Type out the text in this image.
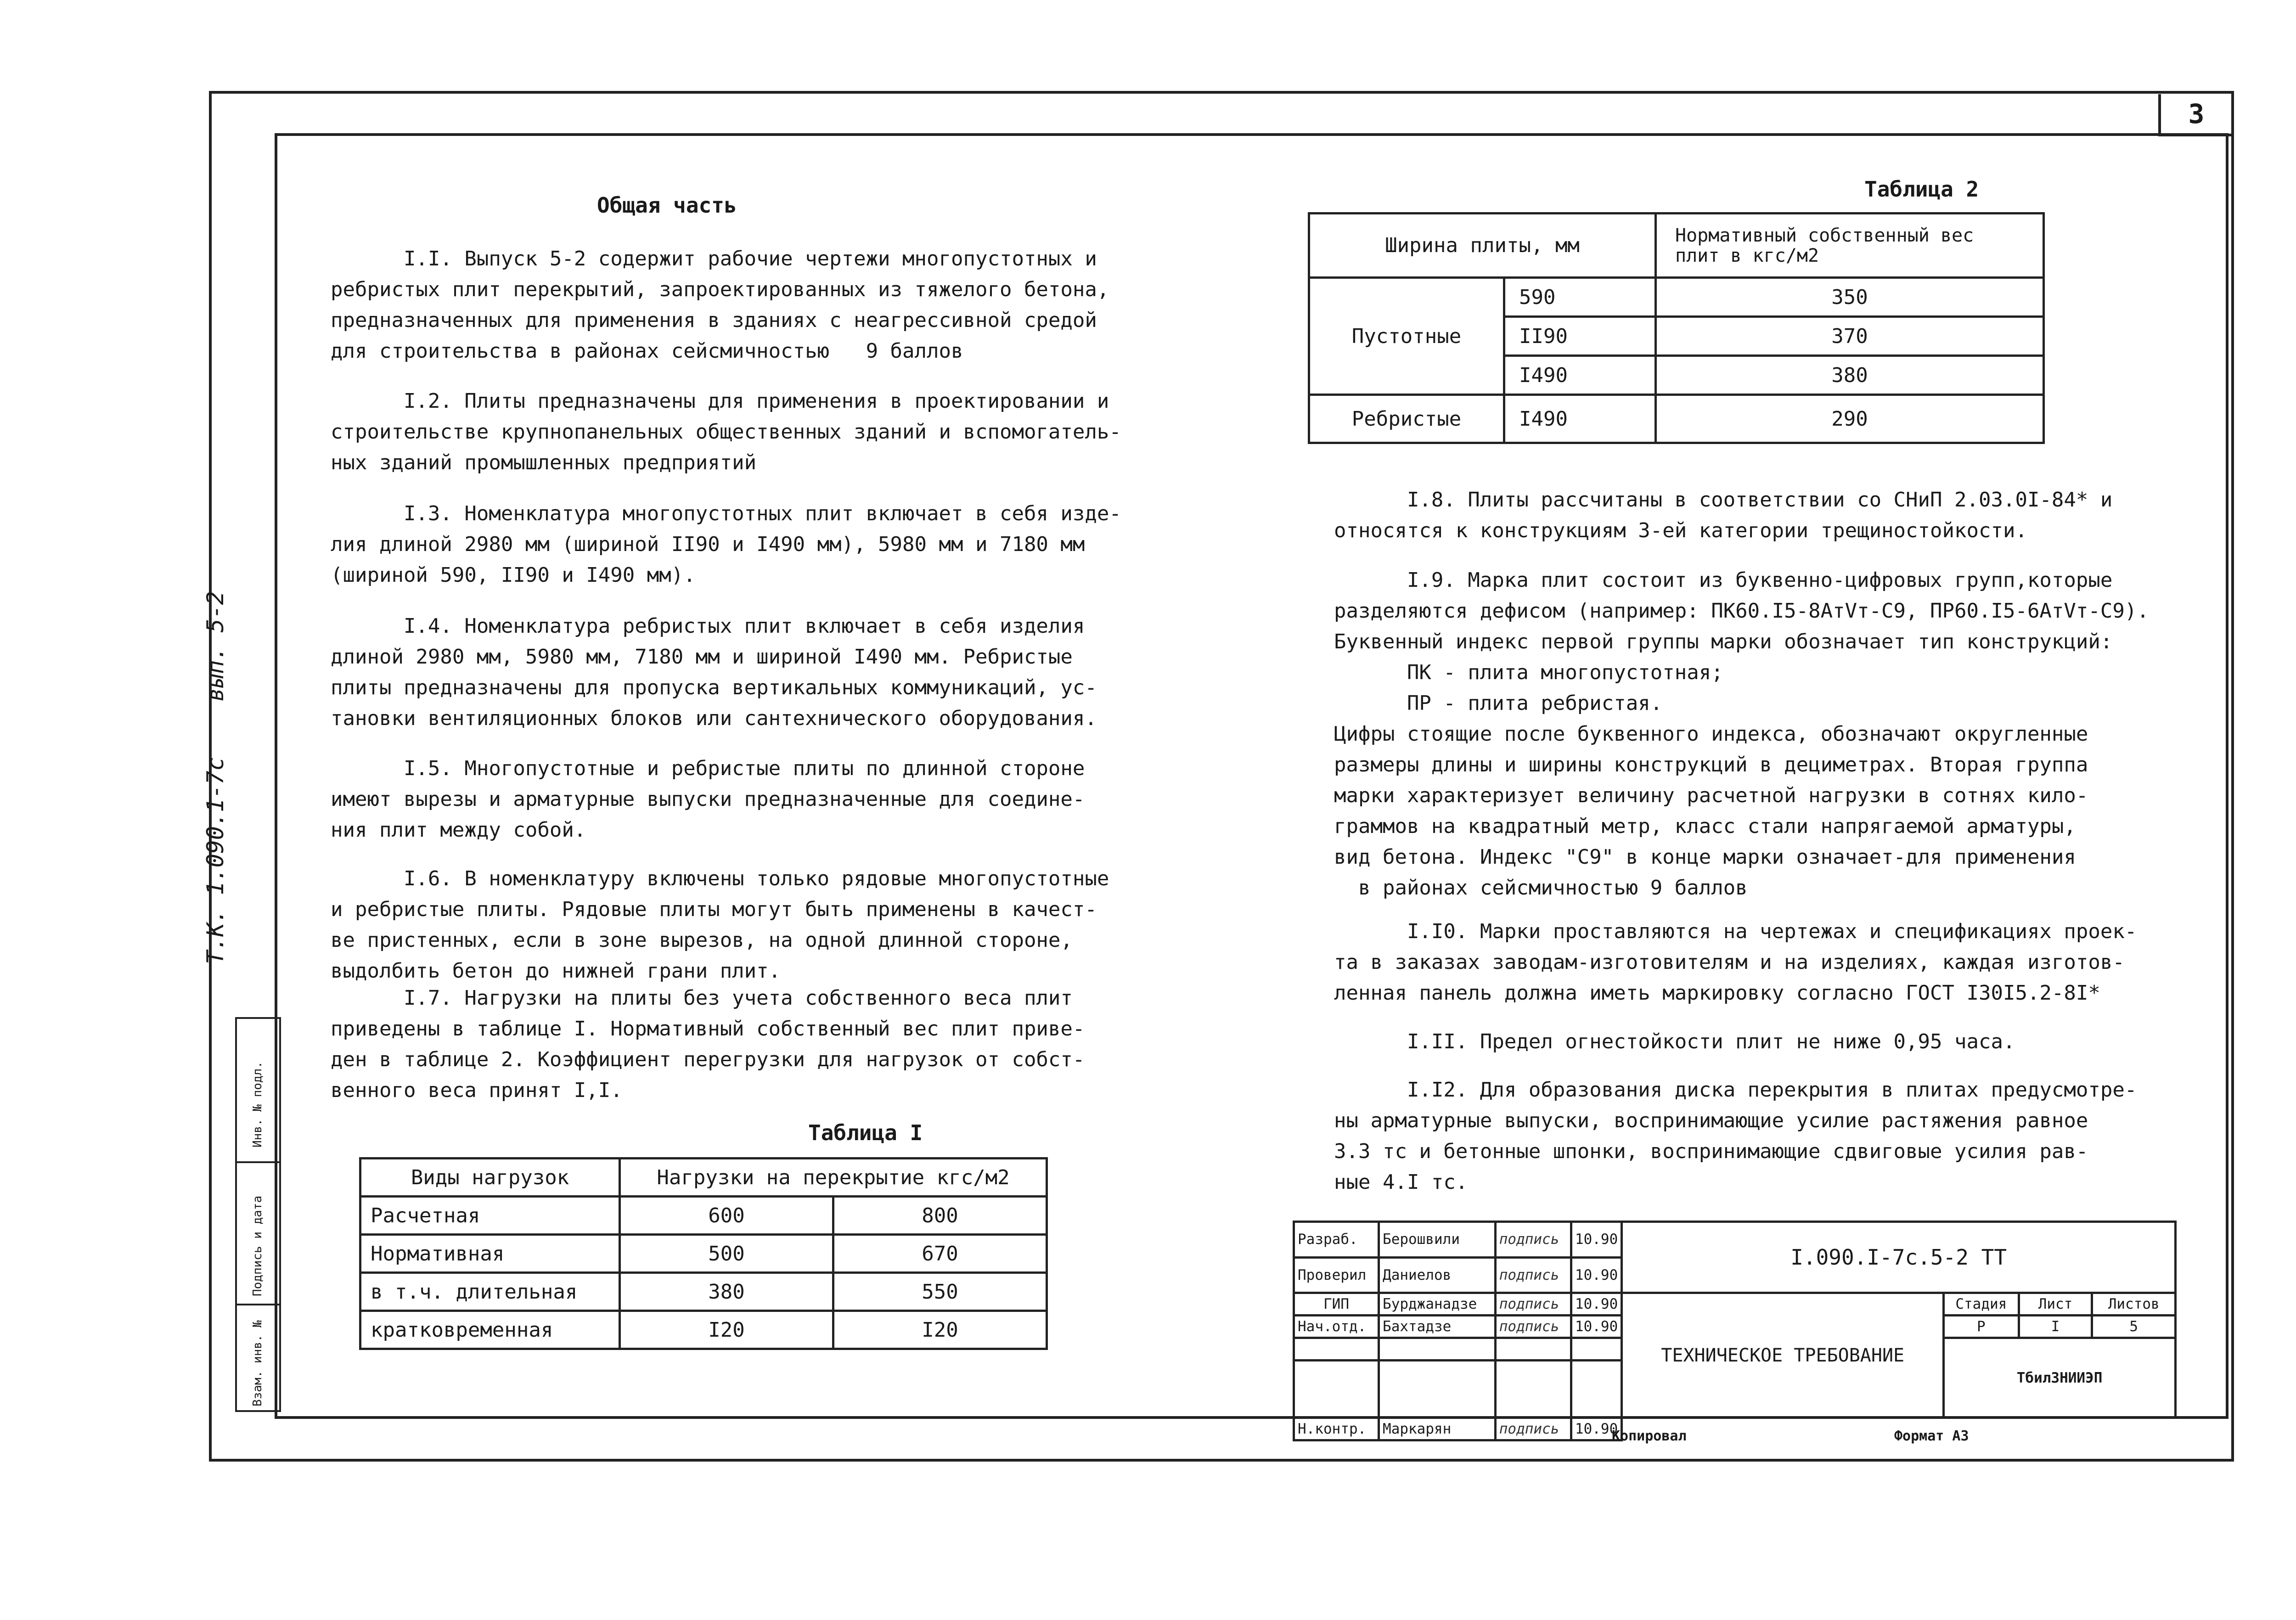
3
Т.К. 1.090.1-7с    вып. 5-2
Инв. № подл.
Подпись и дата
Взам. инв. №
Общая часть
I.I. Выпуск 5-2 содержит рабочие чертежи многопустотных и
ребристых плит перекрытий, запроектированных из тяжелого бетона,
предназначенных для применения в зданиях с неагрессивной средой
для строительства в районах сейсмичностью   9 баллов
I.2. Плиты предназначены для применения в проектировании и
строительстве крупнопанельных общественных зданий и вспомогатель-
ных зданий промышленных предприятий
I.3. Номенклатура многопустотных плит включает в себя изде-
лия длиной 2980 мм (шириной II90 и I490 мм), 5980 мм и 7180 мм
(шириной 590, II90 и I490 мм).
I.4. Номенклатура ребристых плит включает в себя изделия
длиной 2980 мм, 5980 мм, 7180 мм и шириной I490 мм. Ребристые
плиты предназначены для пропуска вертикальных коммуникаций, ус-
тановки вентиляционных блоков или сантехнического оборудования.
I.5. Многопустотные и ребристые плиты по длинной стороне
имеют вырезы и арматурные выпуски предназначенные для соедине-
ния плит между собой.
I.6. В номенклатуру включены только рядовые многопустотные
и ребристые плиты. Рядовые плиты могут быть применены в качест-
ве пристенных, если в зоне вырезов, на одной длинной стороне,
выдолбить бетон до нижней грани плит.
I.7. Нагрузки на плиты без учета собственного веса плит
приведены в таблице I. Нормативный собственный вес плит приве-
ден в таблице 2. Коэффициент перегрузки для нагрузок от собст-
венного веса принят I,I.
Таблица I
Виды нагрузок	Нагрузки на перекрытие кгс/м2	
Расчетная	600	800
Нормативная	500	670
в т.ч. длительная	380	550
кратковременная	I20	I20
Таблица 2
Ширина плиты, мм		Нормативный собственный вес плит в кгс/м2
Пустотные	590	350
	II90	370
	I490	380
Ребристые	I490	290
I.8. Плиты рассчитаны в соответствии со СНиП 2.03.0I-84* и
относятся к конструкциям 3-ей категории трещиностойкости.
I.9. Марка плит состоит из буквенно-цифровых групп,которые
разделяются дефисом (например: ПК60.I5-8АтVт-С9, ПР60.I5-6АтVт-С9).
Буквенный индекс первой группы марки обозначает тип конструкций:
ПК - плита многопустотная;
ПР - плита ребристая.
Цифры стоящие после буквенного индекса, обозначают округленные
размеры длины и ширины конструкций в дециметрах. Вторая группа
марки характеризует величину расчетной нагрузки в сотнях кило-
граммов на квадратный метр, класс стали напрягаемой арматуры,
вид бетона. Индекс "С9" в конце марки означает-для применения
в районах сейсмичностью 9 баллов
I.I0. Марки проставляются на чертежах и спецификациях проек-
та в заказах заводам-изготовителям и на изделиях, каждая изготов-
ленная панель должна иметь маркировку согласно ГОСТ I30I5.2-8I*
I.II. Предел огнестойкости плит не ниже 0,95 часа.
I.I2. Для образования диска перекрытия в плитах предусмотре-
ны арматурные выпуски, воспринимающие усилие растяжения равное
3.3 тс и бетонные шпонки, воспринимающие сдвиговые усилия рав-
ные 4.I тс.
Разраб.	Берошвили	подпись	10.90	I.090.I-7с.5-2 ТТ			
Проверил	Даниелов	подпись	10.90				
ГИП	Бурджанадзе	подпись	10.90	ТЕХНИЧЕСКОЕ ТРЕБОВАНИЕ	Стадия	Лист	Листов
Нач.отд.	Бахтадзе	подпись	10.90		Р	I	5
					ТбилЗНИИЭП		

Н.контр.	Маркарян	подпись	10.90				
Копировал	Формат А3
